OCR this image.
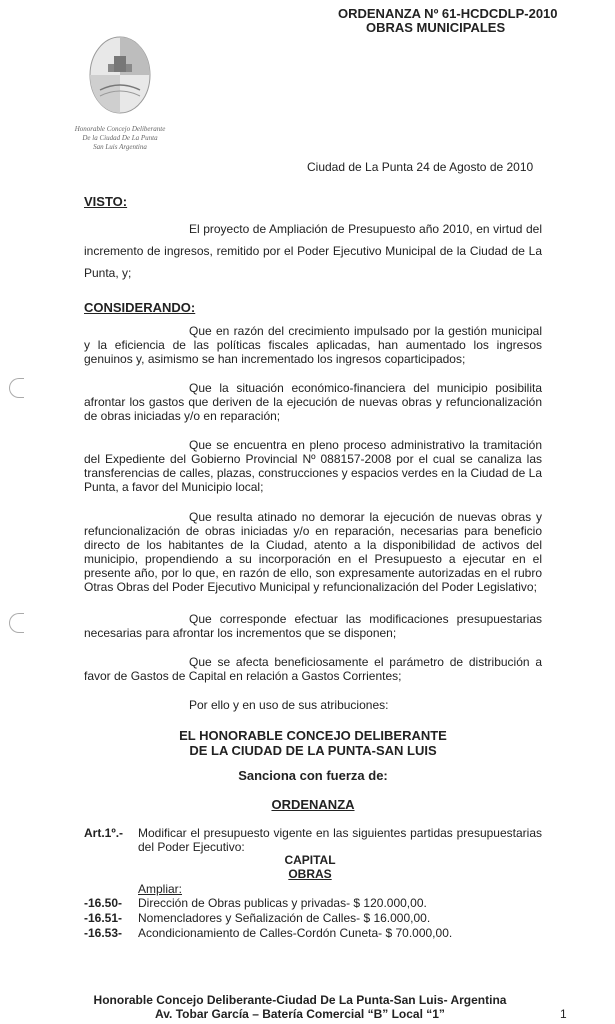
ORDENANZA Nº 61-HCDCDLP-2010
OBRAS MUNICIPALES
Honorable Concejo Deliberante
De la Ciudad De La Punta
San Luis Argentina
Ciudad de La Punta 24 de Agosto de 2010
VISTO:
El proyecto de Ampliación de Presupuesto año 2010, en virtud del incremento de ingresos, remitido por el Poder Ejecutivo Municipal de la Ciudad de La Punta, y;
CONSIDERANDO:
Que en razón del crecimiento impulsado por la gestión municipal y la eficiencia de las políticas fiscales aplicadas, han aumentado los ingresos genuinos y, asimismo se han incrementado los ingresos coparticipados;
Que la situación económico-financiera del municipio posibilita afrontar los gastos que deriven de la ejecución de nuevas obras y refuncionalización de obras iniciadas y/o en reparación;
Que se encuentra en pleno proceso administrativo la tramitación del Expediente del Gobierno Provincial Nº 088157-2008 por el cual se canaliza las transferencias de calles, plazas, construcciones y espacios verdes en la Ciudad de La Punta, a favor del Municipio local;
Que resulta atinado no demorar la ejecución de nuevas obras y refuncionalización de obras iniciadas y/o en reparación, necesarias para beneficio directo de los habitantes de la Ciudad, atento a la disponibilidad de activos del municipio, propendiendo a su incorporación en el Presupuesto a ejecutar en el presente año, por lo que, en razón de ello, son expresamente autorizadas en el rubro Otras Obras del Poder Ejecutivo Municipal y refuncionalización del Poder Legislativo;
Que corresponde efectuar las modificaciones presupuestarias necesarias para afrontar los incrementos que se disponen;
Que se afecta beneficiosamente el parámetro de distribución a favor de Gastos de Capital en relación a Gastos Corrientes;
Por ello y en uso de sus atribuciones:
EL HONORABLE CONCEJO DELIBERANTE
DE LA CIUDAD DE LA PUNTA-SAN LUIS
Sanciona con fuerza de:
ORDENANZA
Art.1º.- Modificar el presupuesto vigente en las siguientes partidas presupuestarias del Poder Ejecutivo:
CAPITAL
OBRAS
Ampliar:
-16.50- Dirección de Obras publicas y privadas- $ 120.000,00.
-16.51- Nomencladores y Señalización de Calles- $ 16.000,00.
-16.53- Acondicionamiento de Calles-Cordón Cuneta- $ 70.000,00.
Honorable Concejo Deliberante-Ciudad De La Punta-San Luis- Argentina
Av. Tobar García – Batería Comercial “B” Local “1”	1
